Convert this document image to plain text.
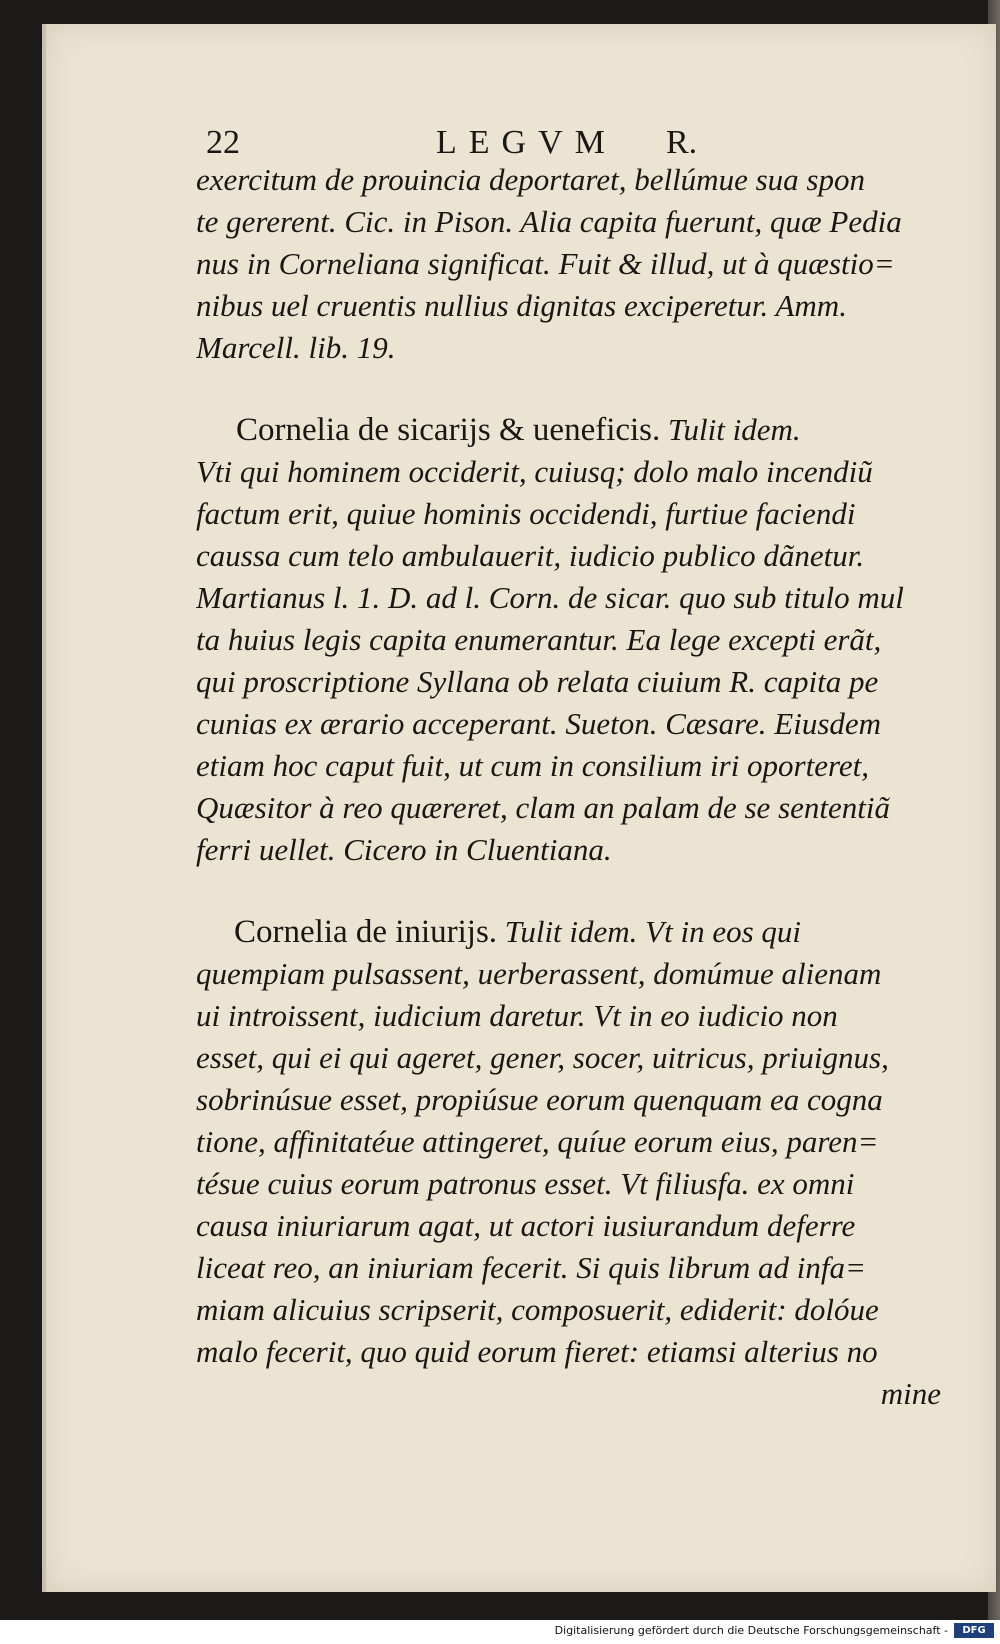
22	LEGVM R.
exercitum de prouincia deportaret, bellúmue sua spon
te gererent. Cic. in Pison. Alia capita fuerunt, quæ Pedia
nus in Corneliana significat. Fuit & illud, ut à quæstio=
nibus uel cruentis nullius dignitas exciperetur. Amm.
Marcell. lib. 19.
Cornelia de sicarijs & ueneficis. Tulit idem.
Vti qui hominem occiderit, cuiusq; dolo malo incendiũ
factum erit, quiue hominis occidendi, furtiue faciendi
caussa cum telo ambulauerit, iudicio publico dãnetur.
Martianus l. 1. D. ad l. Corn. de sicar. quo sub titulo mul
ta huius legis capita enumerantur. Ea lege excepti erãt,
qui proscriptione Syllana ob relata ciuium R. capita pe
cunias ex ærario acceperant. Sueton. Cæsare. Eiusdem
etiam hoc caput fuit, ut cum in consilium iri oporteret,
Quæsitor à reo quæreret, clam an palam de se sententiã
ferri uellet. Cicero in Cluentiana.
Cornelia de iniurijs. Tulit idem. Vt in eos qui
quempiam pulsassent, uerberassent, domúmue alienam
ui introissent, iudicium daretur. Vt in eo iudicio non
esset, qui ei qui ageret, gener, socer, uitricus, priuignus,
sobrinúsue esset, propiúsue eorum quenquam ea cogna
tione, affinitatéue attingeret, quíue eorum eius, paren=
tésue cuius eorum patronus esset. Vt filiusfa. ex omni
causa iniuriarum agat, ut actori iusiurandum deferre
liceat reo, an iniuriam fecerit. Si quis librum ad infa=
miam alicuius scripserit, composuerit, ediderit: dolóue
malo fecerit, quo quid eorum fieret: etiamsi alterius no
mine
Digitalisierung gefördert durch die Deutsche Forschungsgemeinschaft -	DFG
